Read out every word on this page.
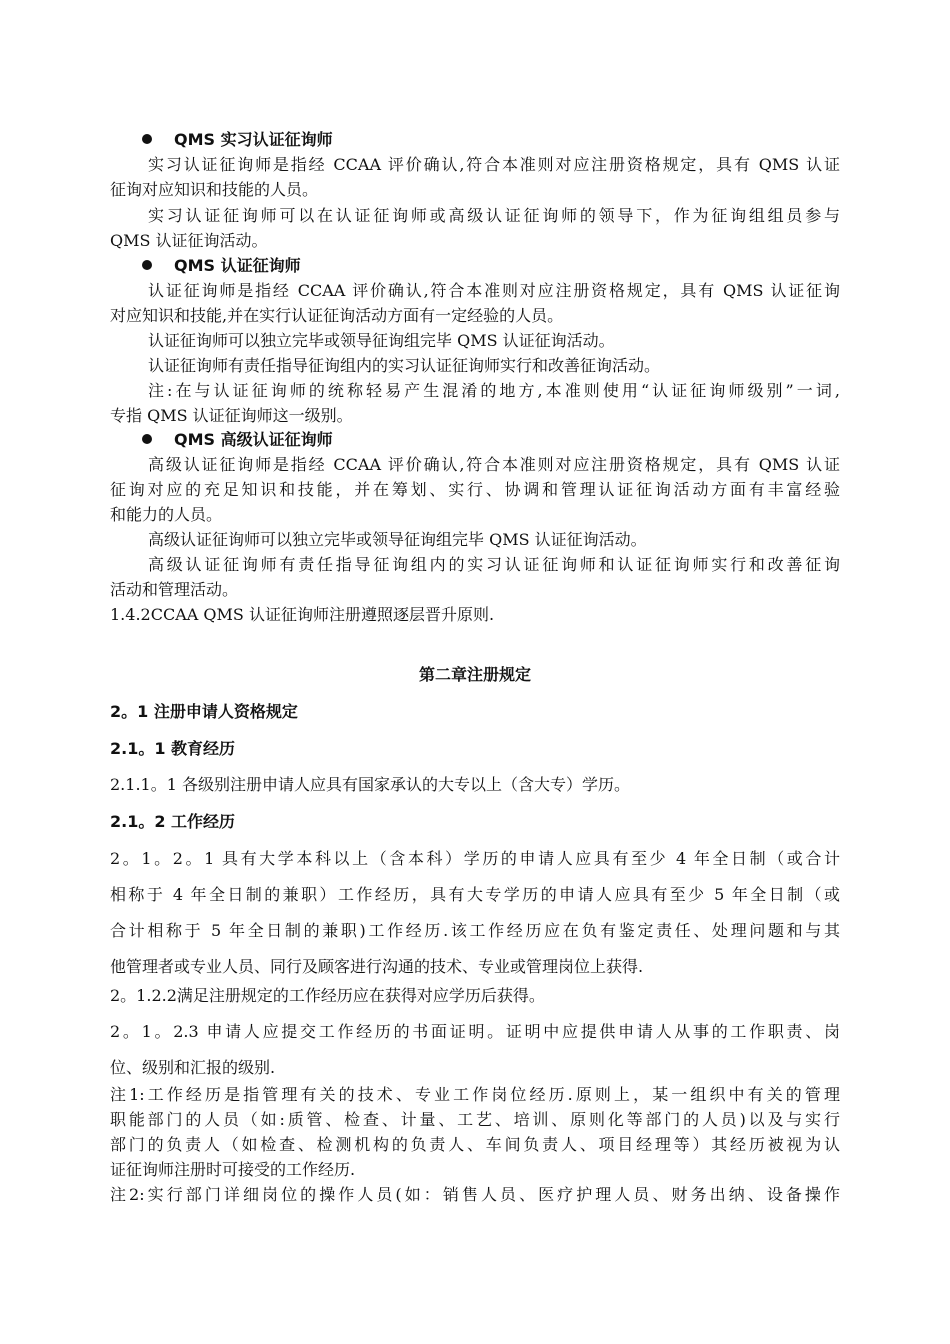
QMS 实习认证征询师
实习认证征询师是指经 CCAA 评价确认,符合本准则对应注册资格规定，具有 QMS 认证
征询对应知识和技能的人员。
实习认证征询师可以在认证征询师或高级认证征询师的领导下，作为征询组组员参与
QMS 认证征询活动。
QMS 认证征询师
认证征询师是指经 CCAA 评价确认,符合本准则对应注册资格规定，具有 QMS 认证征询
对应知识和技能,并在实行认证征询活动方面有一定经验的人员。
认证征询师可以独立完毕或领导征询组完毕 QMS 认证征询活动。
认证征询师有责任指导征询组内的实习认证征询师实行和改善征询活动。
注:在与认证征询师的统称轻易产生混淆的地方,本准则使用“认证征询师级别”一词,
专指 QMS 认证征询师这一级别。
QMS 高级认证征询师
高级认证征询师是指经 CCAA 评价确认,符合本准则对应注册资格规定，具有 QMS 认证
征询对应的充足知识和技能，并在筹划、实行、协调和管理认证征询活动方面有丰富经验
和能力的人员。
高级认证征询师可以独立完毕或领导征询组完毕 QMS 认证征询活动。
高级认证征询师有责任指导征询组内的实习认证征询师和认证征询师实行和改善征询
活动和管理活动。
1.4.2CCAA QMS 认证征询师注册遵照逐层晋升原则.
第二章注册规定
2。1 注册申请人资格规定
2.1。1 教育经历
2.1.1。1 各级别注册申请人应具有国家承认的大专以上（含大专）学历。
2.1。2 工作经历
2。1。2。1 具有大学本科以上（含本科）学历的申请人应具有至少 4 年全日制（或合计
相称于 4 年全日制的兼职）工作经历，具有大专学历的申请人应具有至少 5 年全日制（或
合计相称于 5 年全日制的兼职)工作经历.该工作经历应在负有鉴定责任、处理问题和与其
他管理者或专业人员、同行及顾客进行沟通的技术、专业或管理岗位上获得.
2。1.2.2满足注册规定的工作经历应在获得对应学历后获得。
2。1。2.3 申请人应提交工作经历的书面证明。证明中应提供申请人从事的工作职责、岗
位、级别和汇报的级别.
注1:工作经历是指管理有关的技术、专业工作岗位经历.原则上，某一组织中有关的管理
职能部门的人员（如:质管、检查、计量、工艺、培训、原则化等部门的人员)以及与实行
部门的负责人（如检查、检测机构的负责人、车间负责人、项目经理等）其经历被视为认
证征询师注册时可接受的工作经历.
注2:实行部门详细岗位的操作人员(如：销售人员、医疗护理人员、财务出纳、设备操作
